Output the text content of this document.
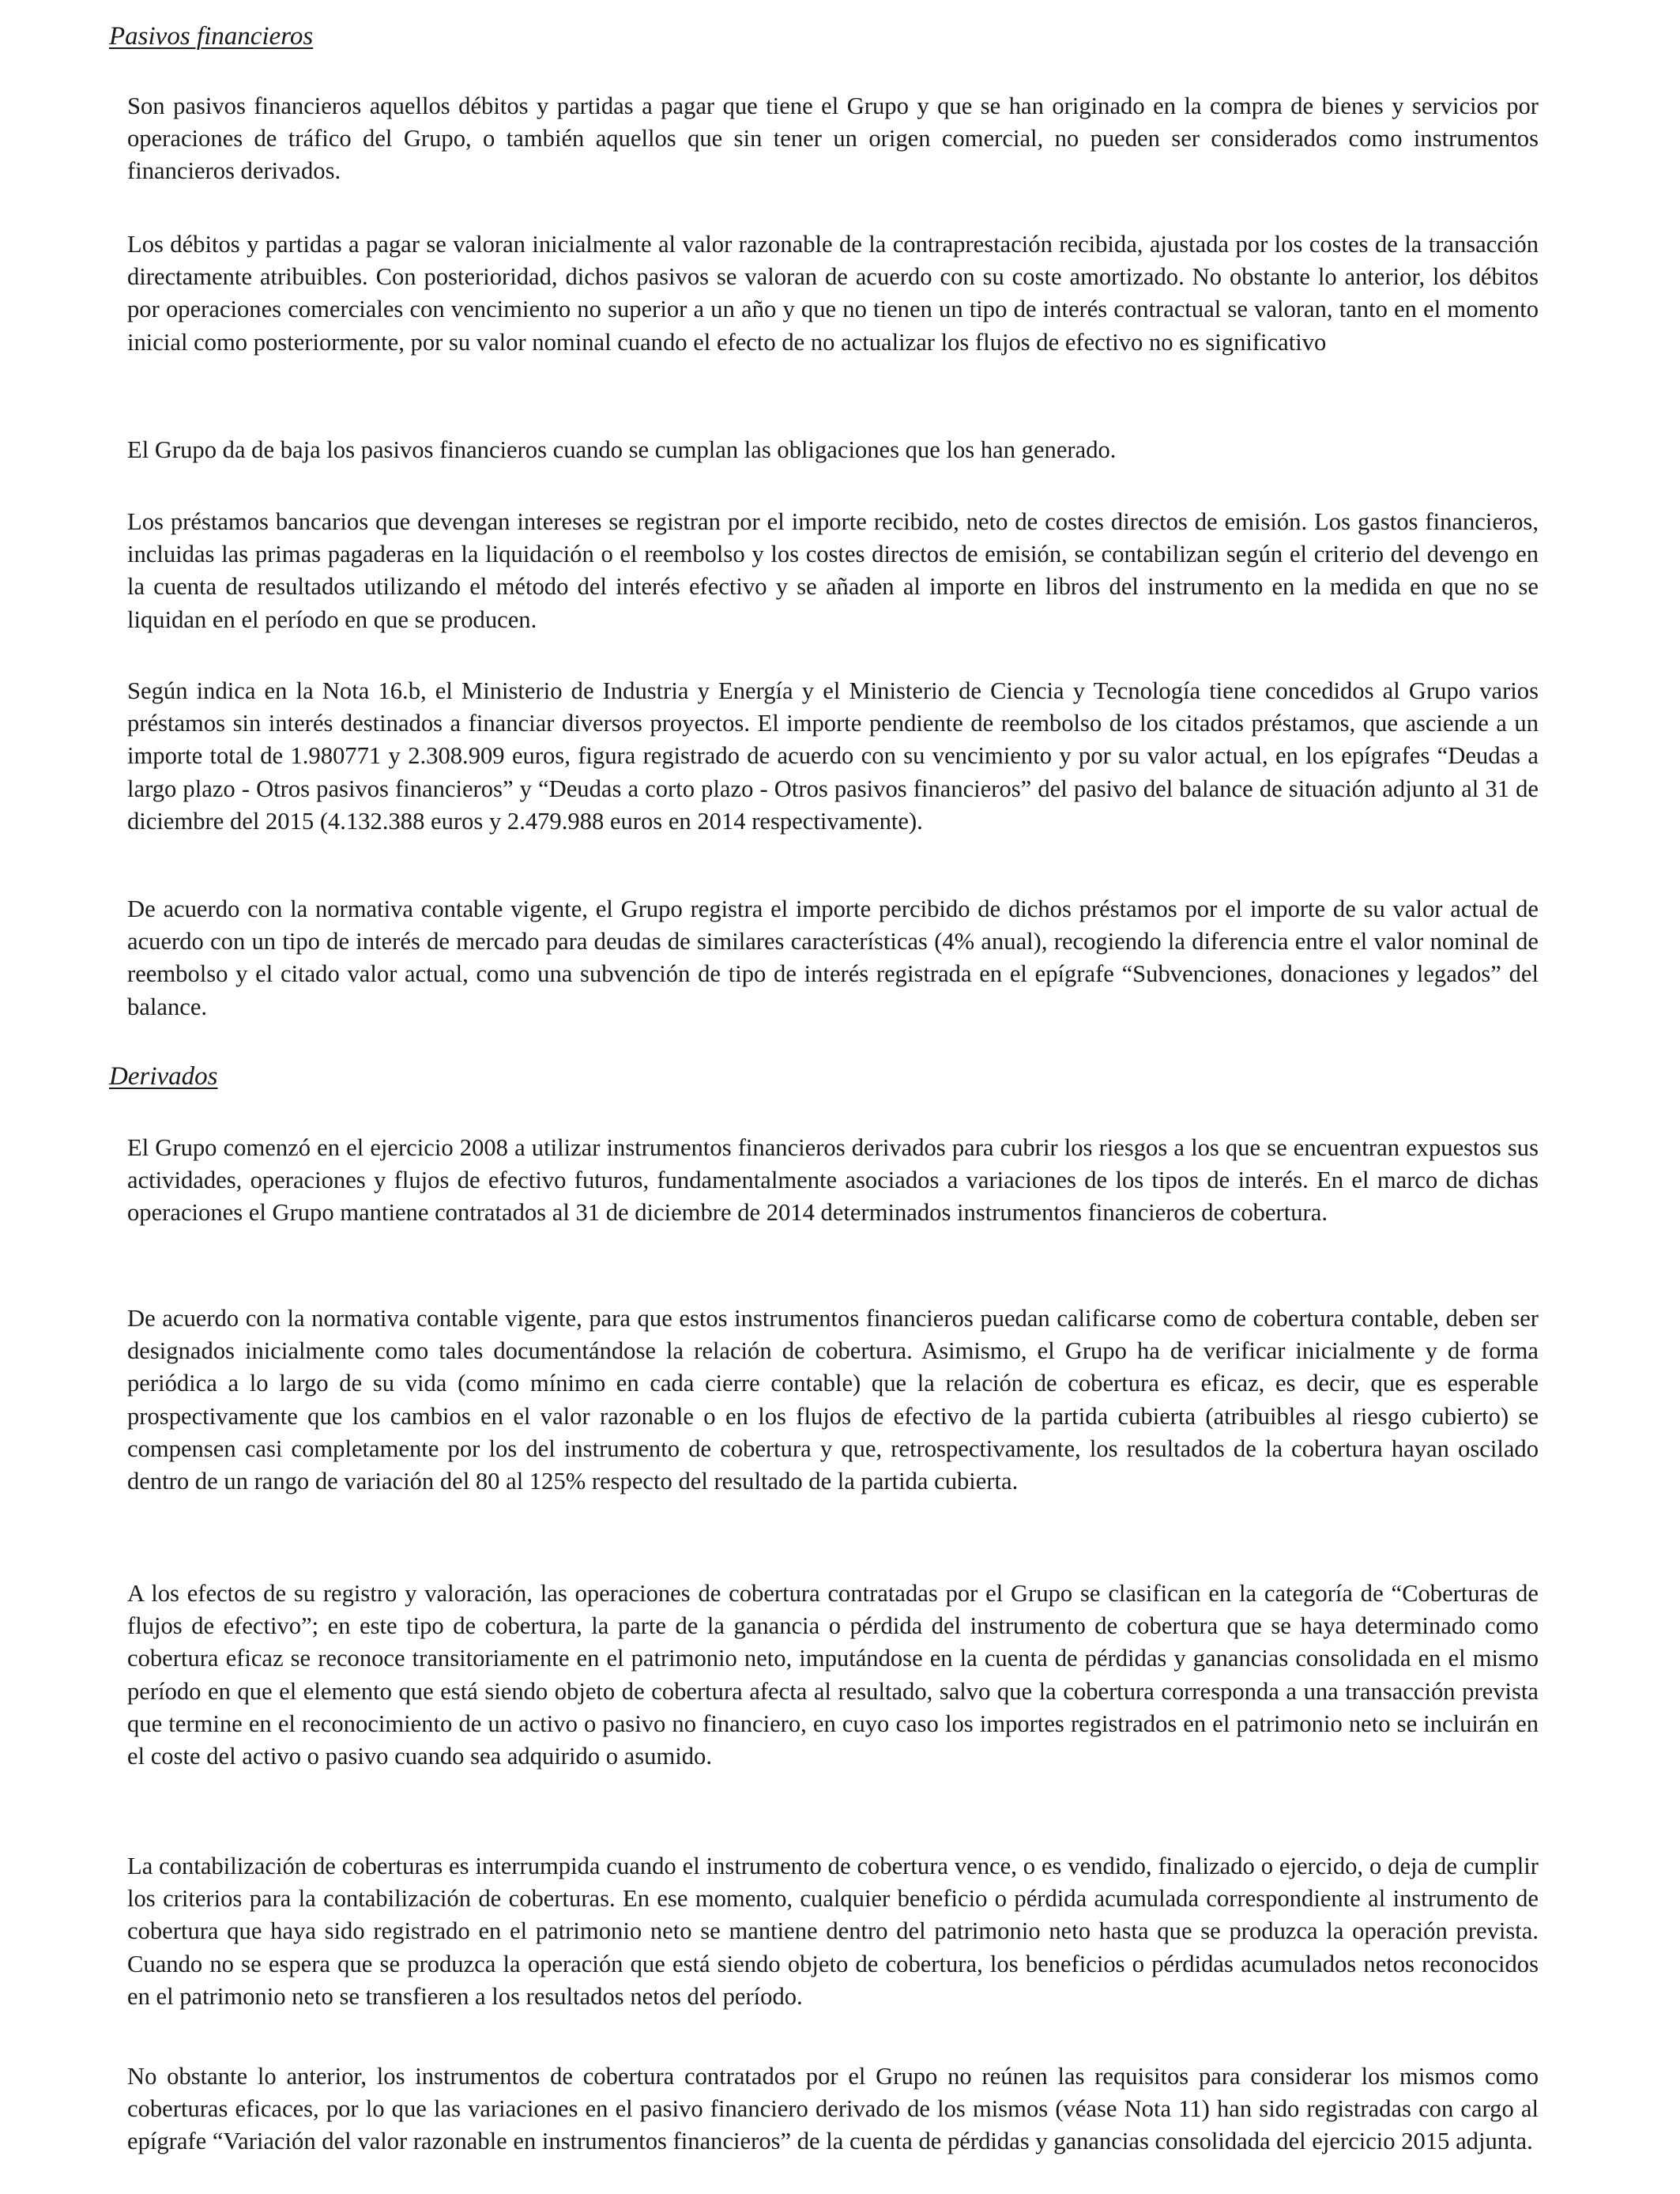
Pasivos financieros

Son pasivos financieros aquellos débitos y partidas a pagar que tiene el Grupo y que se han originado en la compra de bienes y servicios por operaciones de tráfico del Grupo, o también aquellos que sin tener un origen comercial, no pueden ser considerados como instrumentos financieros derivados.

Los débitos y partidas a pagar se valoran inicialmente al valor razonable de la contraprestación recibida, ajustada por los costes de la transacción directamente atribuibles. Con posterioridad, dichos pasivos se valoran de acuerdo con su coste amortizado. No obstante lo anterior, los débitos por operaciones comerciales con vencimiento no superior a un año y que no tienen un tipo de interés contractual se valoran, tanto en el momento inicial como posteriormente, por su valor nominal cuando el efecto de no actualizar los flujos de efectivo no es significativo

El Grupo da de baja los pasivos financieros cuando se cumplan las obligaciones que los han generado.

Los préstamos bancarios que devengan intereses se registran por el importe recibido, neto de costes directos de emisión. Los gastos financieros, incluidas las primas pagaderas en la liquidación o el reembolso y los costes directos de emisión, se contabilizan según el criterio del devengo en la cuenta de resultados utilizando el método del interés efectivo y se añaden al importe en libros del instrumento en la medida en que no se liquidan en el período en que se producen.

Según indica en la Nota 16.b, el Ministerio de Industria y Energía y el Ministerio de Ciencia y Tecnología tiene concedidos al Grupo varios préstamos sin interés destinados a financiar diversos proyectos. El importe pendiente de reembolso de los citados préstamos, que asciende a un importe total de 1.980771 y 2.308.909 euros, figura registrado de acuerdo con su vencimiento y por su valor actual, en los epígrafes “Deudas a largo plazo - Otros pasivos financieros” y “Deudas a corto plazo - Otros pasivos financieros” del pasivo del balance de situación adjunto al 31 de diciembre del 2015 (4.132.388 euros y 2.479.988 euros en 2014 respectivamente).

De acuerdo con la normativa contable vigente, el Grupo registra el importe percibido de dichos préstamos por el importe de su valor actual de acuerdo con un tipo de interés de mercado para deudas de similares características (4% anual), recogiendo la diferencia entre el valor nominal de reembolso y el citado valor actual, como una subvención de tipo de interés registrada en el epígrafe “Subvenciones, donaciones y legados” del balance.

Derivados

El Grupo comenzó en el ejercicio 2008 a utilizar instrumentos financieros derivados para cubrir los riesgos a los que se encuentran expuestos sus actividades, operaciones y flujos de efectivo futuros, fundamentalmente asociados a variaciones de los tipos de interés. En el marco de dichas operaciones el Grupo mantiene contratados al 31 de diciembre de 2014 determinados instrumentos financieros de cobertura.

De acuerdo con la normativa contable vigente, para que estos instrumentos financieros puedan calificarse como de cobertura contable, deben ser designados inicialmente como tales documentándose la relación de cobertura. Asimismo, el Grupo ha de verificar inicialmente y de forma periódica a lo largo de su vida (como mínimo en cada cierre contable) que la relación de cobertura es eficaz, es decir, que es esperable prospectivamente que los cambios en el valor razonable o en los flujos de efectivo de la partida cubierta (atribuibles al riesgo cubierto) se compensen casi completamente por los del instrumento de cobertura y que, retrospectivamente, los resultados de la cobertura hayan oscilado dentro de un rango de variación del 80 al 125% respecto del resultado de la partida cubierta.

A los efectos de su registro y valoración, las operaciones de cobertura contratadas por el Grupo se clasifican en la categoría de “Coberturas de flujos de efectivo”; en este tipo de cobertura, la parte de la ganancia o pérdida del instrumento de cobertura que se haya determinado como cobertura eficaz se reconoce transitoriamente en el patrimonio neto, imputándose en la cuenta de pérdidas y ganancias consolidada en el mismo período en que el elemento que está siendo objeto de cobertura afecta al resultado, salvo que la cobertura corresponda a una transacción prevista que termine en el reconocimiento de un activo o pasivo no financiero, en cuyo caso los importes registrados en el patrimonio neto se incluirán en el coste del activo o pasivo cuando sea adquirido o asumido.

La contabilización de coberturas es interrumpida cuando el instrumento de cobertura vence, o es vendido, finalizado o ejercido, o deja de cumplir los criterios para la contabilización de coberturas. En ese momento, cualquier beneficio o pérdida acumulada correspondiente al instrumento de cobertura que haya sido registrado en el patrimonio neto se mantiene dentro del patrimonio neto hasta que se produzca la operación prevista. Cuando no se espera que se produzca la operación que está siendo objeto de cobertura, los beneficios o pérdidas acumulados netos reconocidos en el patrimonio neto se transfieren a los resultados netos del período.

No obstante lo anterior, los instrumentos de cobertura contratados por el Grupo no reúnen las requisitos para considerar los mismos como coberturas eficaces, por lo que las variaciones en el pasivo financiero derivado de los mismos (véase Nota 11) han sido registradas con cargo al epígrafe “Variación del valor razonable en instrumentos financieros” de la cuenta de pérdidas y ganancias consolidada del ejercicio 2015 adjunta.
